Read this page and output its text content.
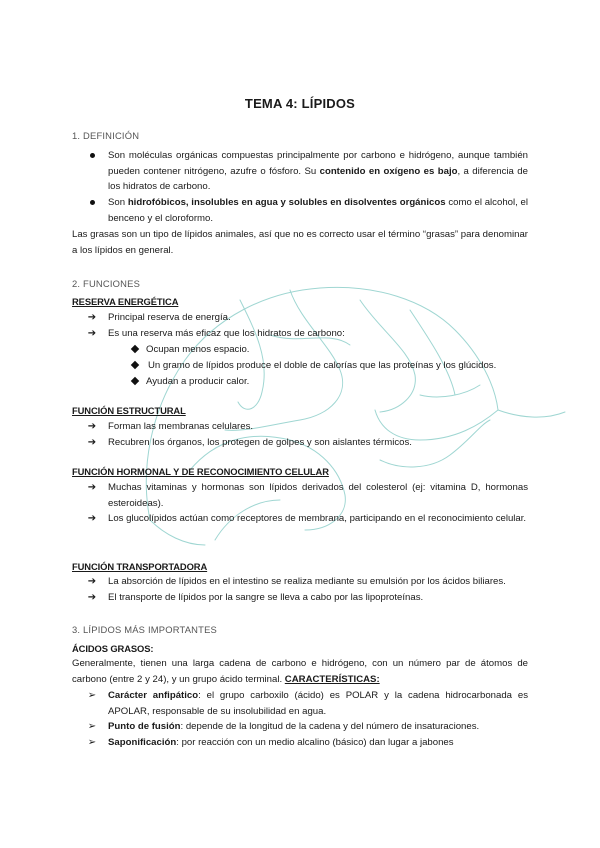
TEMA 4: LÍPIDOS
1. DEFINICIÓN
Son moléculas orgánicas compuestas principalmente por carbono e hidrógeno, aunque también pueden contener nitrógeno, azufre o fósforo. Su contenido en oxígeno es bajo, a diferencia de los hidratos de carbono.
Son hidrofóbicos, insolubles en agua y solubles en disolventes orgánicos como el alcohol, el benceno y el cloroformo.
Las grasas son un tipo de lípidos animales, así que no es correcto usar el término “grasas” para denominar a los lípidos en general.
2. FUNCIONES
RESERVA ENERGÉTICA
➔ Principal reserva de energía.
➔ Es una reserva más eficaz que los hidratos de carbono:
Ocupan menos espacio.
Un gramo de lípidos produce el doble de calorías que las proteínas y los glúcidos.
Ayudan a producir calor.
FUNCIÓN ESTRUCTURAL
➔ Forman las membranas celulares.
➔ Recubren los órganos, los protegen de golpes y son aislantes térmicos.
FUNCIÓN HORMONAL Y DE RECONOCIMIENTO CELULAR
➔ Muchas vitaminas y hormonas son lípidos derivados del colesterol (ej: vitamina D, hormonas esteroideas).
➔ Los glucolípidos actúan como receptores de membrana, participando en el reconocimiento celular.
FUNCIÓN TRANSPORTADORA
➔ La absorción de lípidos en el intestino se realiza mediante su emulsión por los ácidos biliares.
➔ El transporte de lípidos por la sangre se lleva a cabo por las lipoproteínas.
3. LÍPIDOS MÁS IMPORTANTES
ÁCIDOS GRASOS:
Generalmente, tienen una larga cadena de carbono e hidrógeno, con un número par de átomos de carbono (entre 2 y 24), y un grupo ácido terminal. CARACTERÍSTICAS:
➢ Carácter anfipático: el grupo carboxilo (ácido) es POLAR y la cadena hidrocarbonada es APOLAR, responsable de su insolubilidad en agua.
➢ Punto de fusión: depende de la longitud de la cadena y del número de insaturaciones.
➢ Saponificación: por reacción con un medio alcalino (básico) dan lugar a jabones
